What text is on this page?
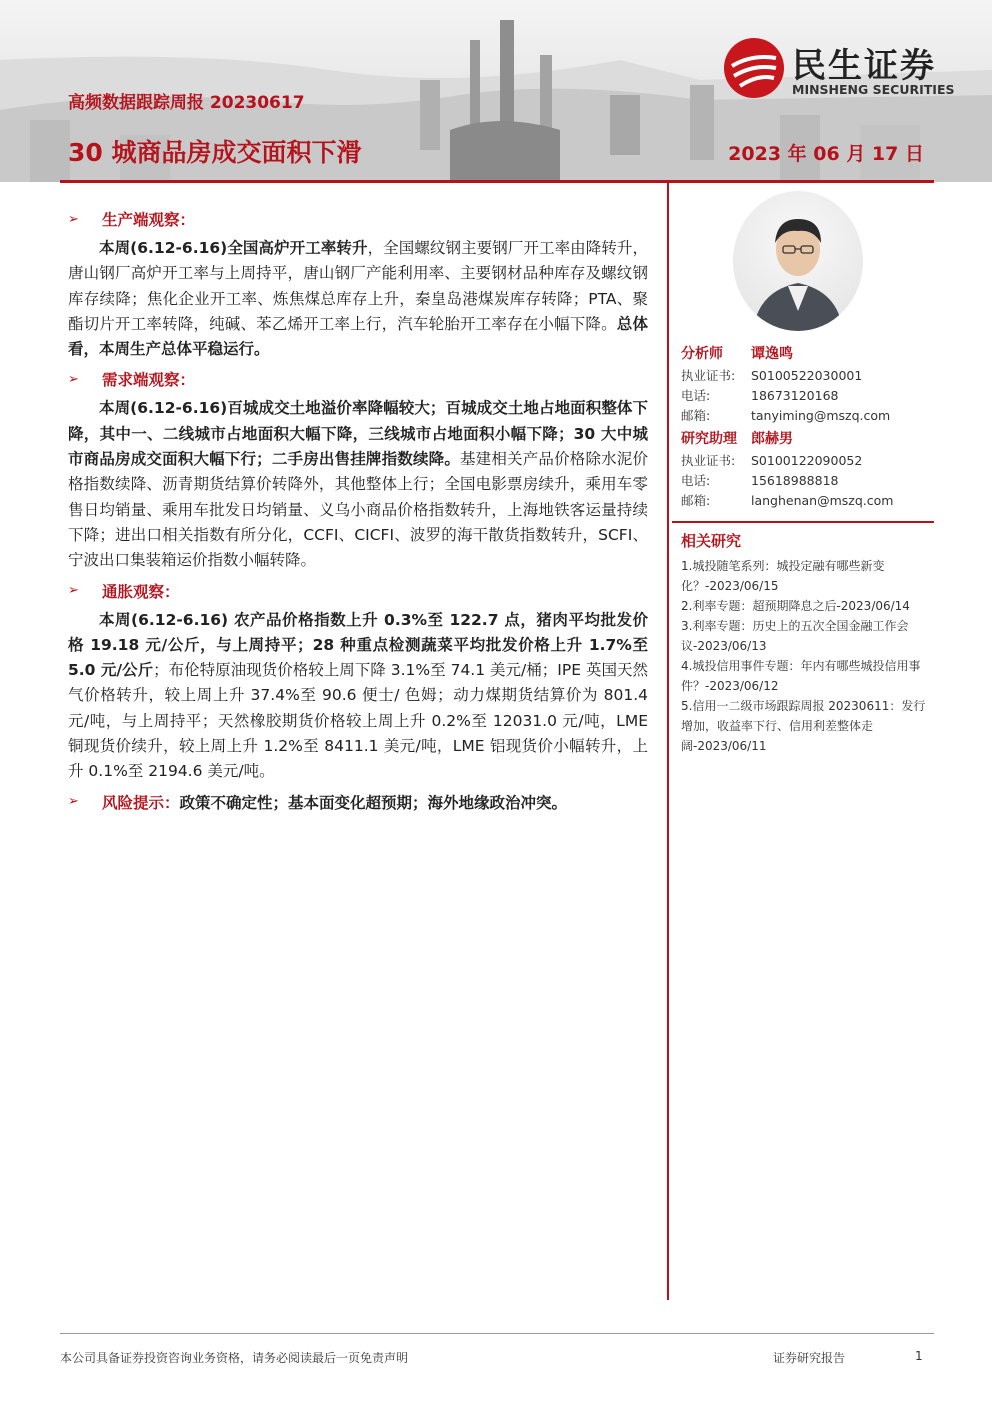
高频数据跟踪周报 20230617
30 城商品房成交面积下滑	2023 年 06 月 17 日
民生证券
MINSHENG SECURITIES
➢	生产端观察：

本周(6.12-6.16)全国高炉开工率转升，全国螺纹钢主要钢厂开工率由降转升，唐山钢厂高炉开工率与上周持平，唐山钢厂产能利用率、主要钢材品种库存及螺纹钢库存续降；焦化企业开工率、炼焦煤总库存上升，秦皇岛港煤炭库存转降；PTA、聚酯切片开工率转降，纯碱、苯乙烯开工率上行，汽车轮胎开工率存在小幅下降。总体看，本周生产总体平稳运行。

➢	需求端观察：

本周(6.12-6.16)百城成交土地溢价率降幅较大；百城成交土地占地面积整体下降，其中一、二线城市占地面积大幅下降，三线城市占地面积小幅下降；30 大中城市商品房成交面积大幅下行；二手房出售挂牌指数续降。基建相关产品价格除水泥价格指数续降、沥青期货结算价转降外，其他整体上行；全国电影票房续升，乘用车零售日均销量、乘用车批发日均销量、义乌小商品价格指数转升，上海地铁客运量持续下降；进出口相关指数有所分化，CCFI、CICFI、波罗的海干散货指数转升，SCFI、宁波出口集装箱运价指数小幅转降。

➢	通胀观察：

本周(6.12-6.16) 农产品价格指数上升 0.3%至 122.7 点，猪肉平均批发价格 19.18 元/公斤，与上周持平；28 种重点检测蔬菜平均批发价格上升 1.7%至 5.0 元/公斤；布伦特原油现货价格较上周下降 3.1%至 74.1 美元/桶；IPE 英国天然气价格转升，较上周上升 37.4%至 90.6 便士/ 色姆；动力煤期货结算价为 801.4 元/吨，与上周持平；天然橡胶期货价格较上周上升 0.2%至 12031.0 元/吨，LME 铜现货价续升，较上周上升 1.2%至 8411.1 美元/吨，LME 铝现货价小幅转升，上升 0.1%至 2194.6 美元/吨。

➢	风险提示： 政策不确定性；基本面变化超预期；海外地缘政治冲突。
分析师 谭逸鸣
执业证书:	S0100522030001
电话:	18673120168
邮箱:	tanyiming@mszq.com
研究助理 郎赫男
执业证书:	S0100122090052
电话:	15618988818
邮箱:	langhenan@mszq.com
相关研究
1.城投随笔系列：城投定融有哪些新变化？-2023/06/15
2.利率专题：超预期降息之后-2023/06/14
3.利率专题：历史上的五次全国金融工作会议-2023/06/13
4.城投信用事件专题：年内有哪些城投信用事件？-2023/06/12
5.信用一二级市场跟踪周报 20230611：发行增加，收益率下行、信用利差整体走阔-2023/06/11
本公司具备证券投资咨询业务资格，请务必阅读最后一页免责声明	证券研究报告	1
